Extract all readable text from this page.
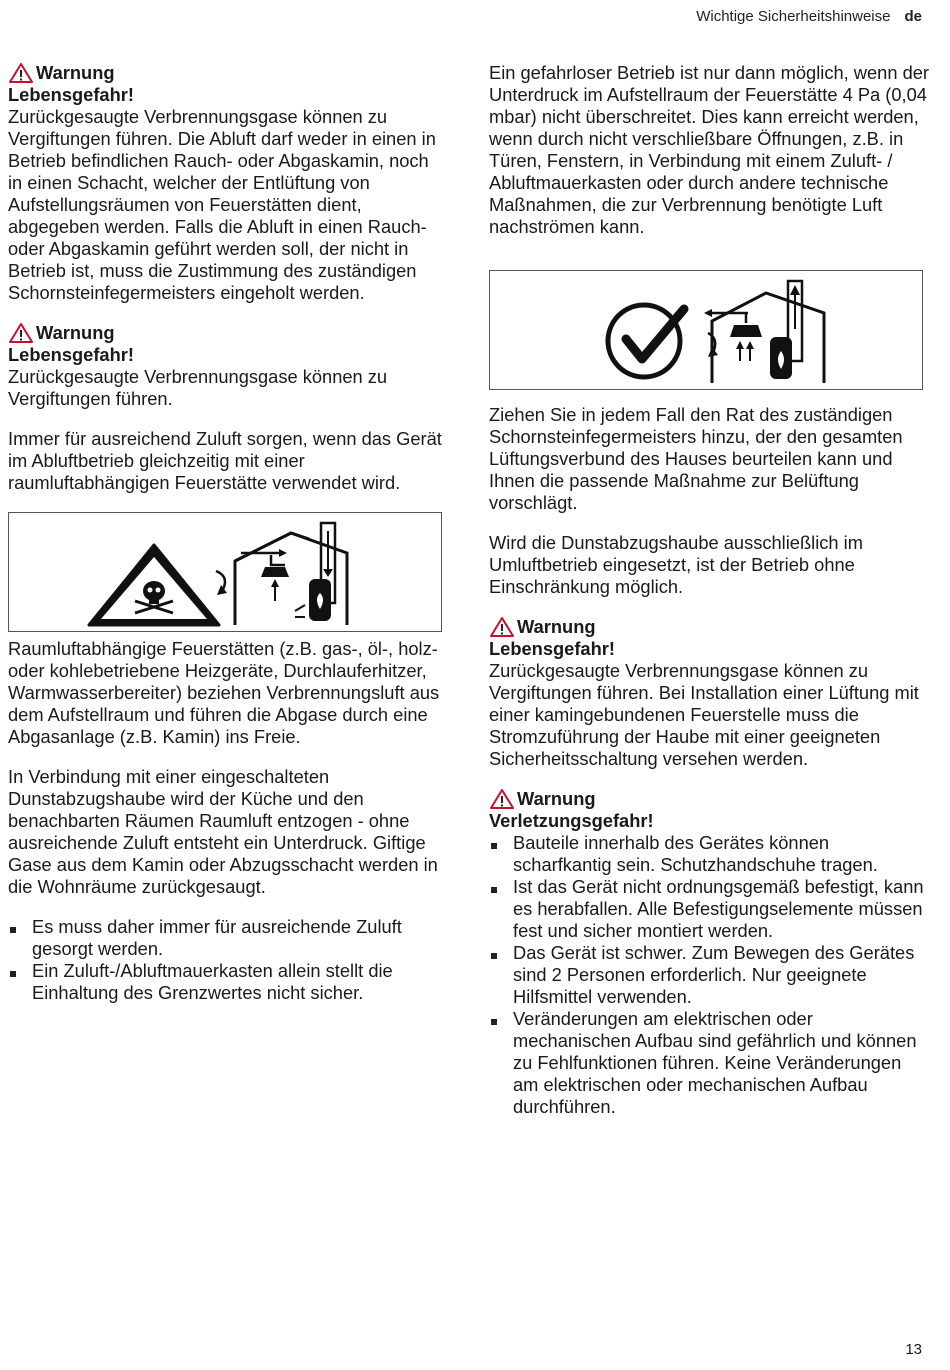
Wichtige Sicherheitshinweise de
Warnung
Lebensgefahr!

Zurückgesaugte Verbrennungsgase können zu Vergiftungen führen. Die Abluft darf weder in einen in Betrieb befindlichen Rauch- oder Abgaskamin, noch in einen Schacht, welcher der Entlüftung von Aufstellungsräumen von Feuerstätten dient, abgegeben werden. Falls die Abluft in einen Rauch- oder Abgaskamin geführt werden soll, der nicht in Betrieb ist, muss die Zustimmung des zuständigen Schornsteinfegermeisters eingeholt werden.

Warnung
Lebensgefahr!

Zurückgesaugte Verbrennungsgase können zu Vergiftungen führen.

Immer für ausreichend Zuluft sorgen, wenn das Gerät im Abluftbetrieb gleichzeitig mit einer raumluftabhängigen Feuerstätte verwendet wird.

Raumluftabhängige Feuerstätten (z.B. gas-, öl-, holz- oder kohlebetriebene Heizgeräte, Durchlauferhitzer, Warmwasserbereiter) beziehen Verbrennungsluft aus dem Aufstellraum und führen die Abgase durch eine Abgasanlage (z.B. Kamin) ins Freie.

In Verbindung mit einer eingeschalteten Dunstabzugshaube wird der Küche und den benachbarten Räumen Raumluft entzogen - ohne ausreichende Zuluft entsteht ein Unterdruck. Giftige Gase aus dem Kamin oder Abzugsschacht werden in die Wohnräume zurückgesaugt.

Es muss daher immer für ausreichende Zuluft gesorgt werden.
Ein Zuluft-/Abluftmauerkasten allein stellt die Einhaltung des Grenzwertes nicht sicher.

Ein gefahrloser Betrieb ist nur dann möglich, wenn der Unterdruck im Aufstellraum der Feuerstätte 4 Pa (0,04 mbar) nicht überschreitet. Dies kann erreicht werden, wenn durch nicht verschließbare Öffnungen, z.B. in Türen, Fenstern, in Verbindung mit einem Zuluft- / Abluftmauerkasten oder durch andere technische Maßnahmen, die zur Verbrennung benötigte Luft nachströmen kann.

Ziehen Sie in jedem Fall den Rat des zuständigen Schornsteinfegermeisters hinzu, der den gesamten Lüftungsverbund des Hauses beurteilen kann und Ihnen die passende Maßnahme zur Belüftung vorschlägt.

Wird die Dunstabzugshaube ausschließlich im Umluftbetrieb eingesetzt, ist der Betrieb ohne Einschränkung möglich.

Warnung
Lebensgefahr!

Zurückgesaugte Verbrennungsgase können zu Vergiftungen führen. Bei Installation einer Lüftung mit einer kamingebundenen Feuerstelle muss die Stromzuführung der Haube mit einer geeigneten Sicherheitsschaltung versehen werden.

Warnung
Verletzungsgefahr!
Bauteile innerhalb des Gerätes können scharfkantig sein. Schutzhandschuhe tragen.
Ist das Gerät nicht ordnungsgemäß befestigt, kann es herabfallen. Alle Befestigungselemente müssen fest und sicher montiert werden.
Das Gerät ist schwer. Zum Bewegen des Gerätes sind 2 Personen erforderlich. Nur geeignete Hilfsmittel verwenden.
Veränderungen am elektrischen oder mechanischen Aufbau sind gefährlich und können zu Fehlfunktionen führen. Keine Veränderungen am elektrischen oder mechanischen Aufbau durchführen.
13
